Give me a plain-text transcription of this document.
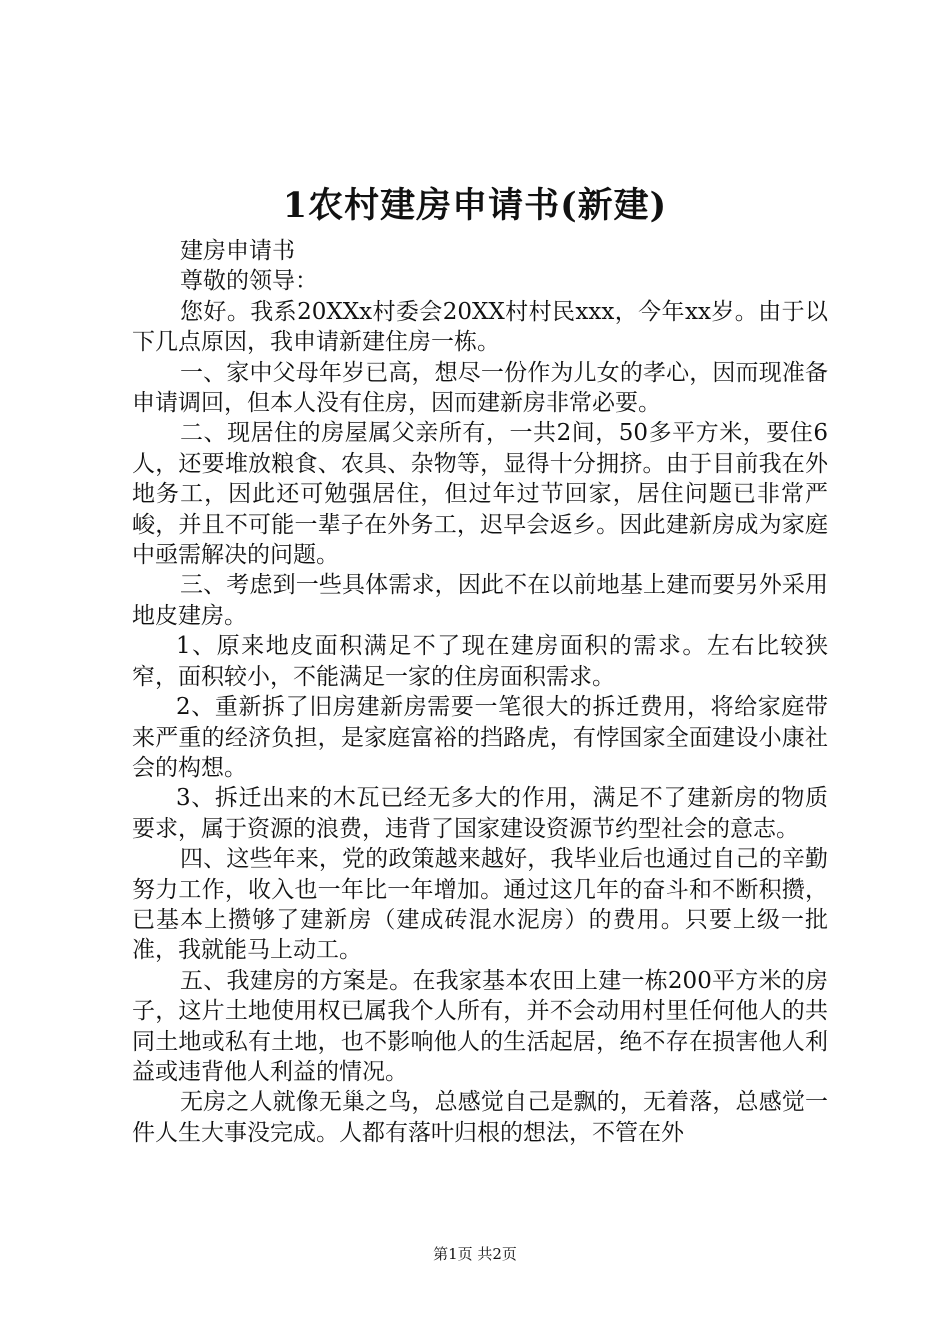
1农村建房申请书(新建)

建房申请书

尊敬的领导：

您好。我系20XXx村委会20XX村村民xxx，今年xx岁。由于以下几点原因，我申请新建住房一栋。

一、家中父母年岁已高，想尽一份作为儿女的孝心，因而现准备申请调回，但本人没有住房，因而建新房非常必要。

二、现居住的房屋属父亲所有，一共2间，50多平方米，要住6人，还要堆放粮食、农具、杂物等，显得十分拥挤。由于目前我在外地务工，因此还可勉强居住，但过年过节回家，居住问题已非常严峻，并且不可能一辈子在外务工，迟早会返乡。因此建新房成为家庭中亟需解决的问题。

三、考虑到一些具体需求，因此不在以前地基上建而要另外采用地皮建房。

1、原来地皮面积满足不了现在建房面积的需求。左右比较狭窄，面积较小，不能满足一家的住房面积需求。

2、重新拆了旧房建新房需要一笔很大的拆迁费用，将给家庭带来严重的经济负担，是家庭富裕的挡路虎，有悖国家全面建设小康社会的构想。

3、拆迁出来的木瓦已经无多大的作用，满足不了建新房的物质要求，属于资源的浪费，违背了国家建设资源节约型社会的意志。

四、这些年来，党的政策越来越好，我毕业后也通过自己的辛勤努力工作，收入也一年比一年增加。通过这几年的奋斗和不断积攒，已基本上攒够了建新房（建成砖混水泥房）的费用。只要上级一批准，我就能马上动工。

五、我建房的方案是。在我家基本农田上建一栋200平方米的房子，这片土地使用权已属我个人所有，并不会动用村里任何他人的共同土地或私有土地，也不影响他人的生活起居，绝不存在损害他人利益或违背他人利益的情况。

无房之人就像无巢之鸟，总感觉自己是飘的，无着落，总感觉一件人生大事没完成。人都有落叶归根的想法，不管在外

第1页 共2页
